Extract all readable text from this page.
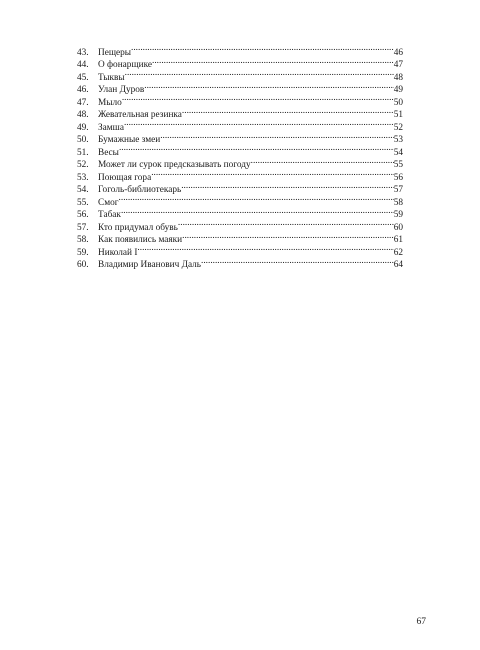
43.	Пещеры .....	46
44.	О фонарщике .....	47
45.	Тыквы .....	48
46.	Улан Дуров .....	49
47.	Мыло .....	50
48.	Жевательная резинка .....	51
49.	Замша .....	52
50.	Бумажные змеи .....	53
51.	Весы .....	54
52.	Может ли сурок предсказывать погоду .....	55
53.	Поющая гора .....	56
54.	Гоголь-библиотекарь .....	57
55.	Смог .....	58
56.	Табак .....	59
57.	Кто придумал обувь .....	60
58.	Как появились маяки .....	61
59.	Николай I .....	62
60.	Владимир Иванович Даль .....	64
67
